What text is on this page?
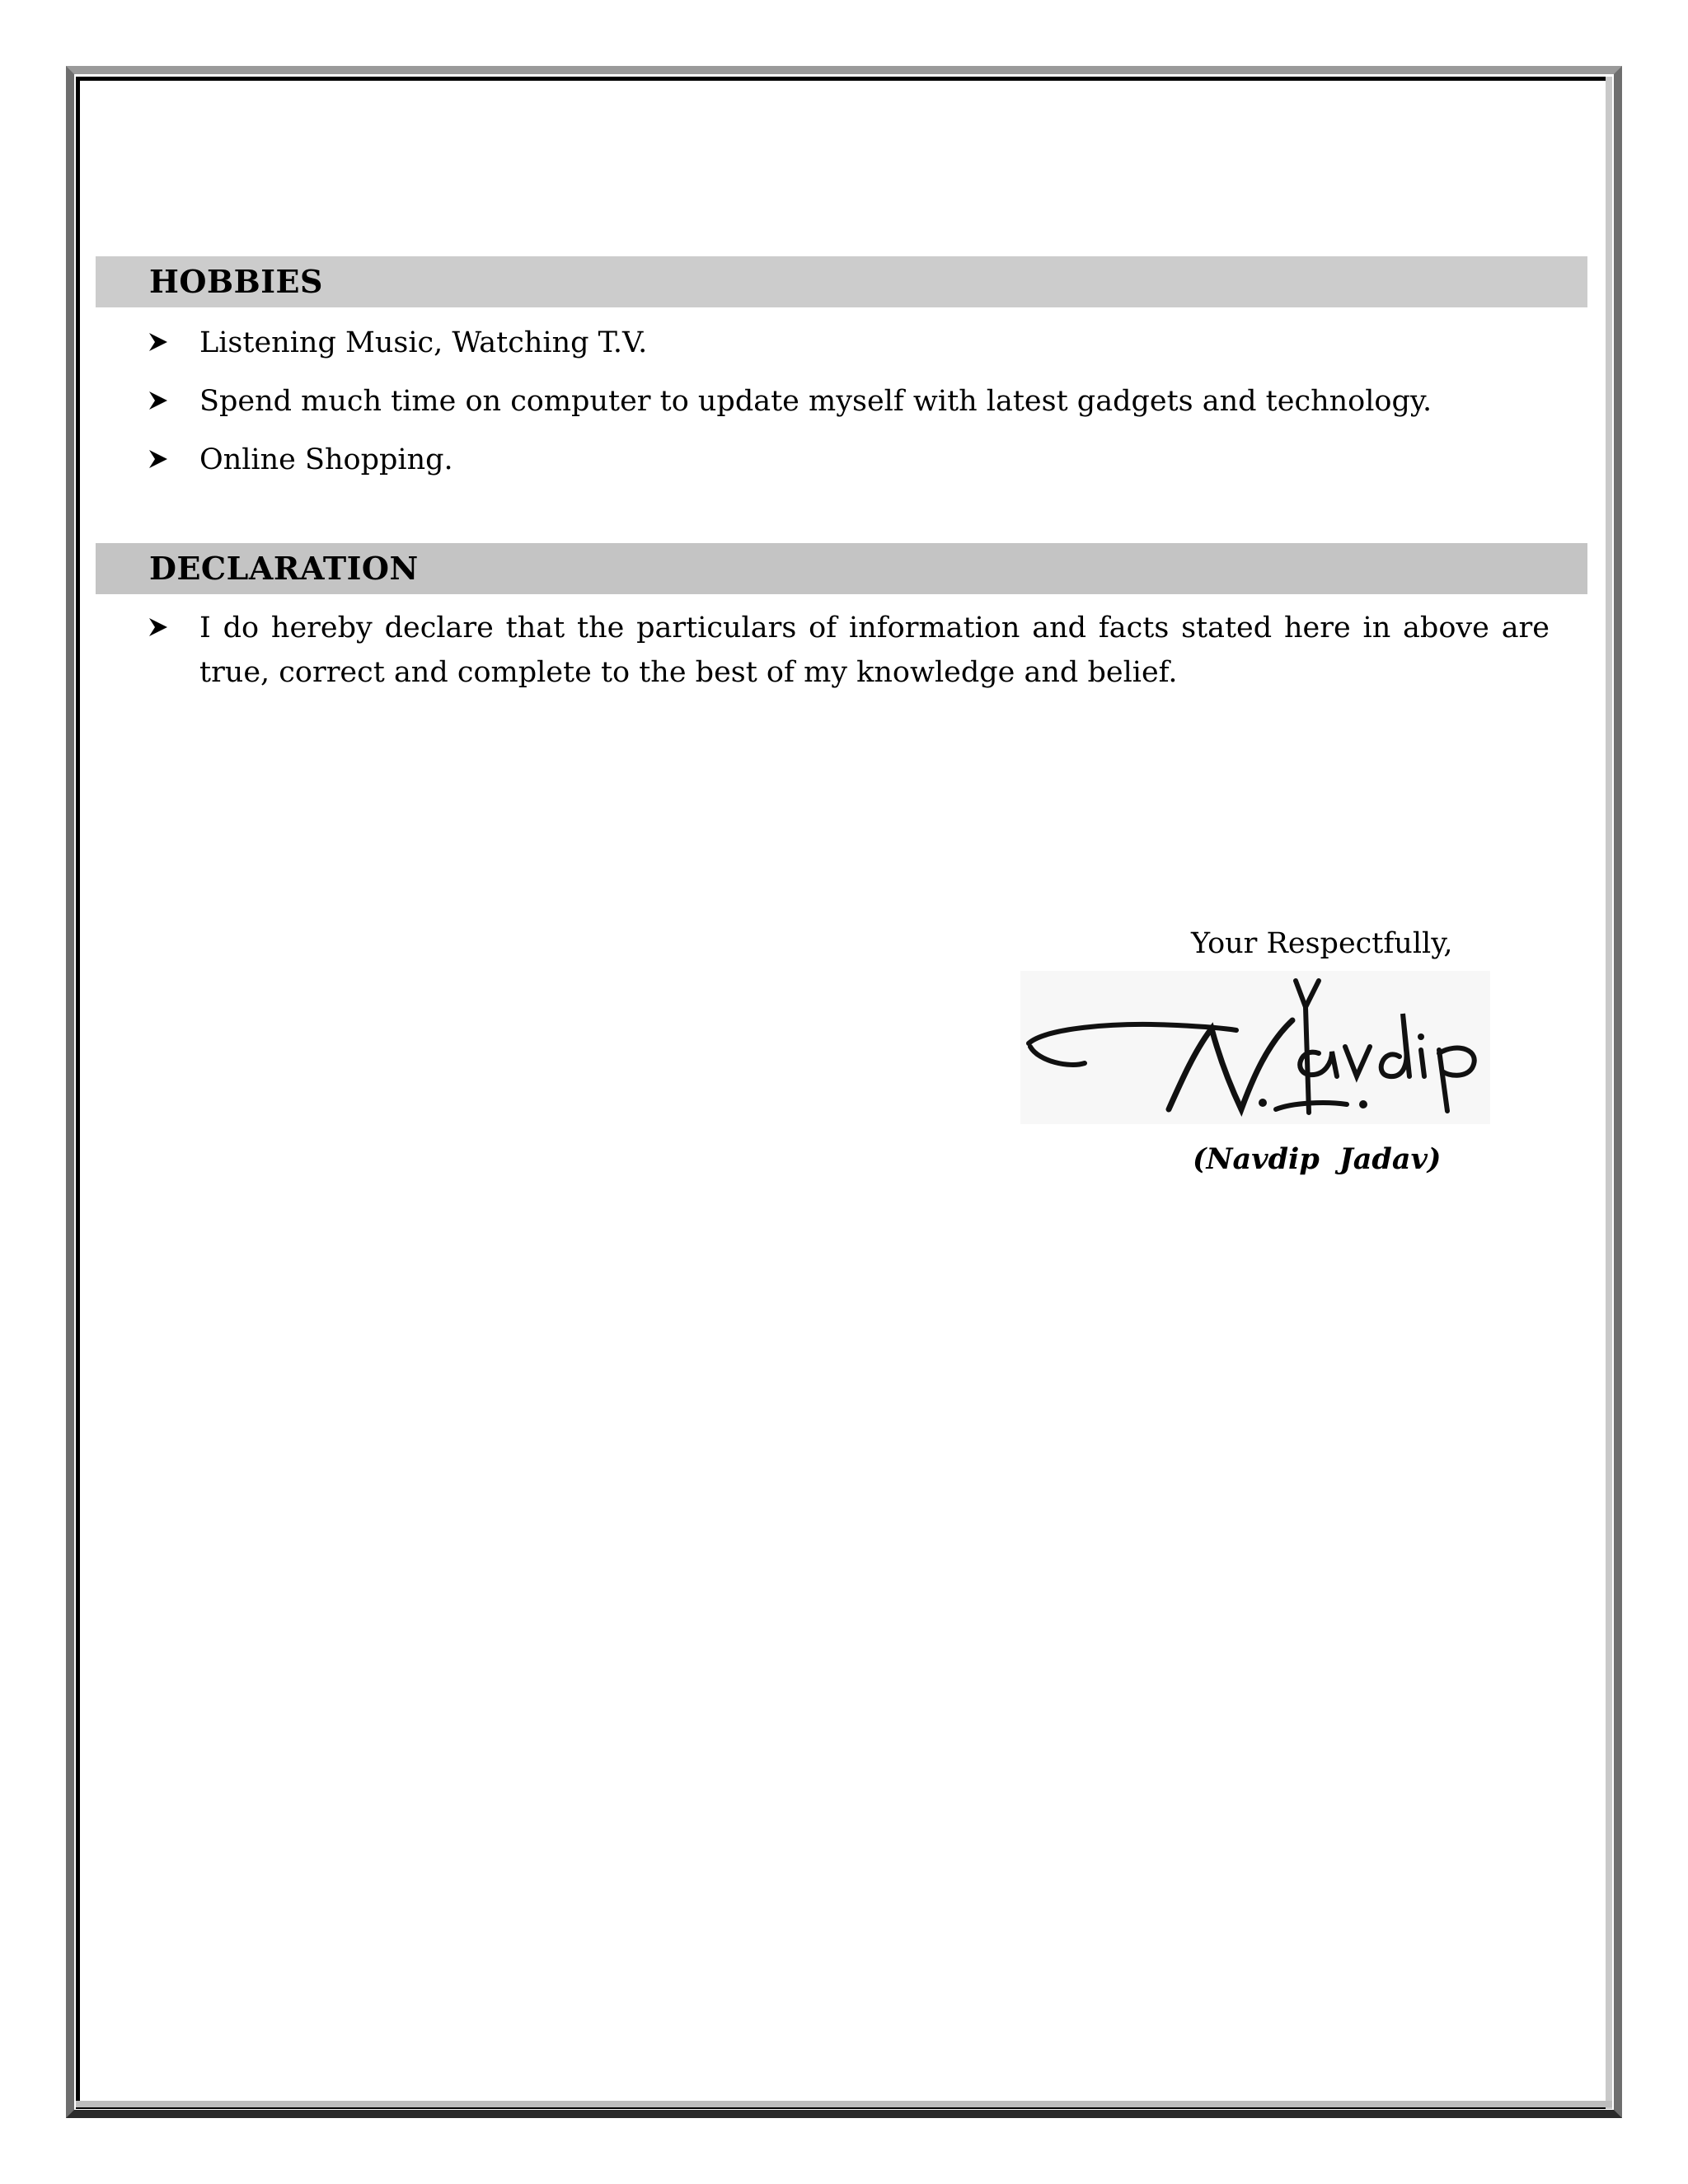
HOBBIES
Listening Music, Watching T.V.
Spend much time on computer to update myself with latest gadgets and technology.
Online Shopping.
DECLARATION
I do hereby declare that the particulars of information and facts stated here in above are true, correct and complete to the best of my knowledge and belief.
Your Respectfully,
(Navdip  Jadav)
